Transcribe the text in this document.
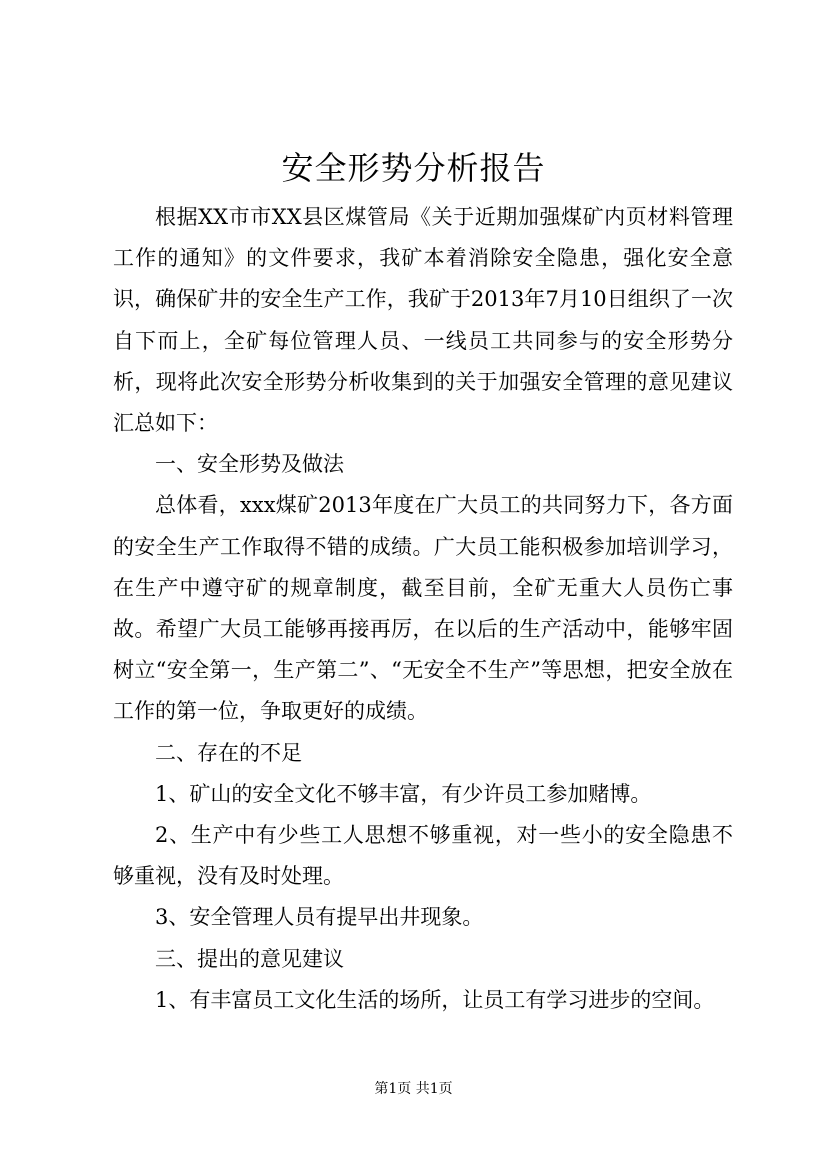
安全形势分析报告

根据XX市市XX县区煤管局《关于近期加强煤矿内页材料管理工作的通知》的文件要求，我矿本着消除安全隐患，强化安全意识，确保矿井的安全生产工作，我矿于2013年7月10日组织了一次自下而上，全矿每位管理人员、一线员工共同参与的安全形势分析，现将此次安全形势分析收集到的关于加强安全管理的意见建议汇总如下：

一、安全形势及做法

总体看，xxx煤矿2013年度在广大员工的共同努力下，各方面的安全生产工作取得不错的成绩。广大员工能积极参加培训学习，在生产中遵守矿的规章制度，截至目前，全矿无重大人员伤亡事故。希望广大员工能够再接再厉，在以后的生产活动中，能够牢固树立“安全第一，生产第二”、“无安全不生产”等思想，把安全放在工作的第一位，争取更好的成绩。

二、存在的不足

1、矿山的安全文化不够丰富，有少许员工参加赌博。

2、生产中有少些工人思想不够重视，对一些小的安全隐患不够重视，没有及时处理。

3、安全管理人员有提早出井现象。

三、提出的意见建议

1、有丰富员工文化生活的场所，让员工有学习进步的空间。

第1页 共1页
